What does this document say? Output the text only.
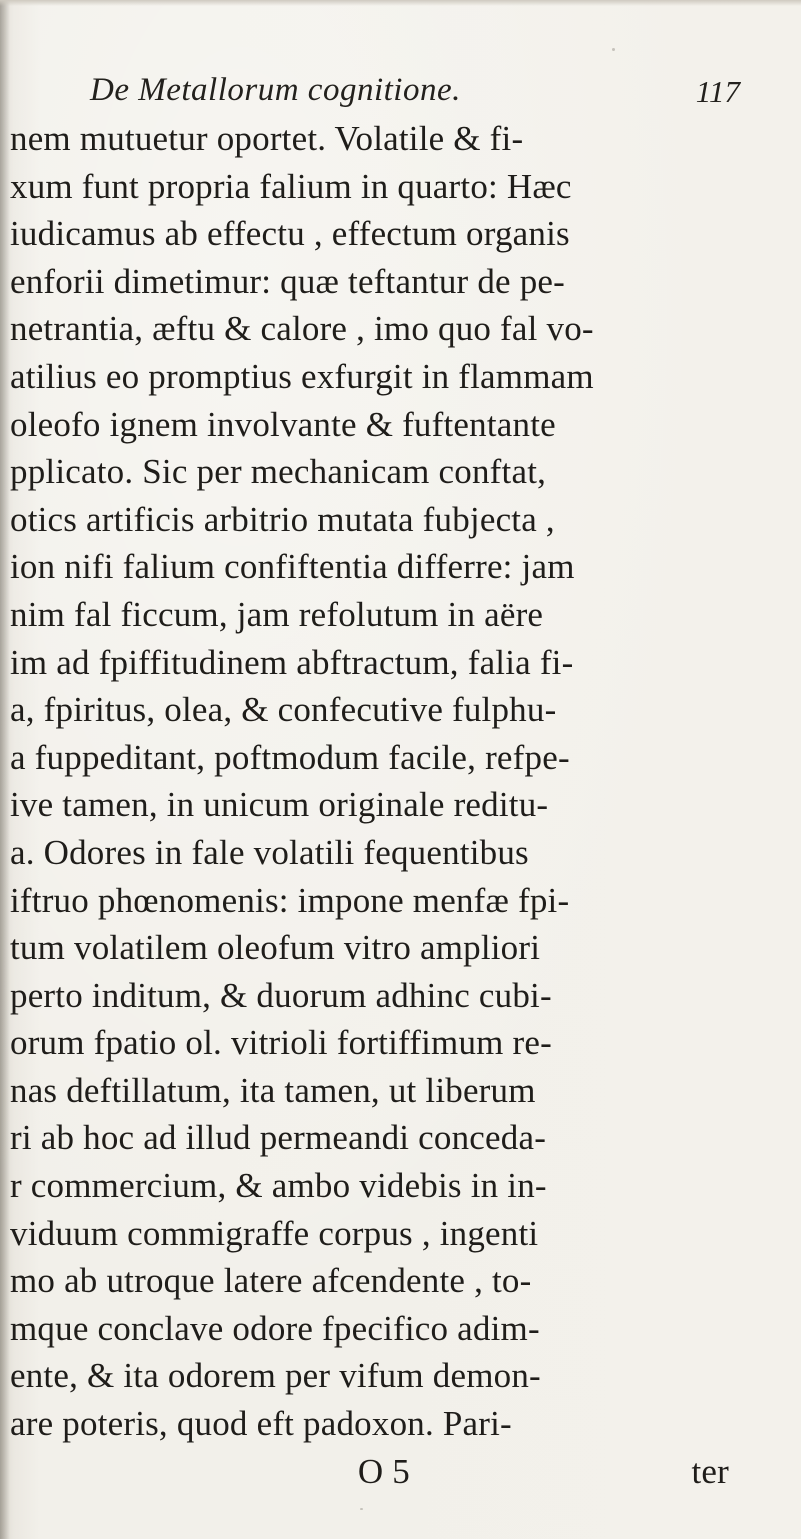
De Metallorum cognitione.	117
nem mutuetur oportet. Volatile & fi-
xum funt propria falium in quarto: Hæc
iudicamus ab effectu , effectum organis
enforii dimetimur: quæ teftantur de pe-
netrantia, æftu & calore , imo quo fal vo-
atilius eo promptius exfurgit in flammam
oleofo ignem involvante & fuftentante
pplicato. Sic per mechanicam conftat,
otics artificis arbitrio mutata fubjecta ,
ion nifi falium confiftentia differre: jam
nim fal ficcum, jam refolutum in aëre
im ad fpiffitudinem abftractum, falia fi-
a, fpiritus, olea, & confecutive fulphu-
a fuppeditant, poftmodum facile, refpe-
ive tamen, in unicum originale reditu-
a. Odores in fale volatili fequentibus
iftruo phœnomenis: impone menfæ fpi-
tum volatilem oleofum vitro ampliori
perto inditum, & duorum adhinc cubi-
orum fpatio ol. vitrioli fortiffimum re-
nas deftillatum, ita tamen, ut liberum
ri ab hoc ad illud permeandi conceda-
r commercium, & ambo videbis in in-
viduum commigraffe corpus , ingenti
mo ab utroque latere afcendente , to-
mque conclave odore fpecifico adim-
ente, & ita odorem per vifum demon-
are poteris, quod eft padoxon. Pari-
O 5	ter
